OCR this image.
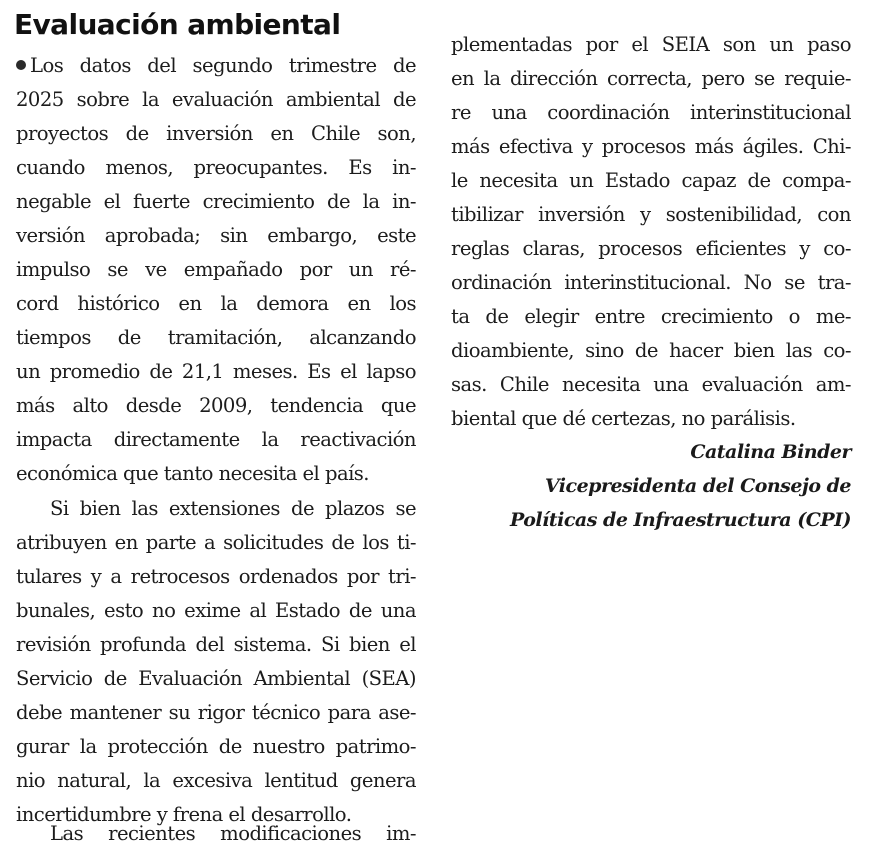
Evaluación ambiental
Los datos del segundo trimestre de
2025 sobre la evaluación ambiental de
proyectos de inversión en Chile son,
cuando menos, preocupantes. Es in-
negable el fuerte crecimiento de la in-
versión aprobada; sin embargo, este
impulso se ve empañado por un ré-
cord histórico en la demora en los
tiempos de tramitación, alcanzando
un promedio de 21,1 meses. Es el lapso
más alto desde 2009, tendencia que
impacta directamente la reactivación
económica que tanto necesita el país.
Si bien las extensiones de plazos se
atribuyen en parte a solicitudes de los ti-
tulares y a retrocesos ordenados por tri-
bunales, esto no exime al Estado de una
revisión profunda del sistema. Si bien el
Servicio de Evaluación Ambiental (SEA)
debe mantener su rigor técnico para ase-
gurar la protección de nuestro patrimo-
nio natural, la excesiva lentitud genera
incertidumbre y frena el desarrollo.
Las recientes modificaciones im-
plementadas por el SEIA son un paso
en la dirección correcta, pero se requie-
re una coordinación interinstitucional
más efectiva y procesos más ágiles. Chi-
le necesita un Estado capaz de compa-
tibilizar inversión y sostenibilidad, con
reglas claras, procesos eficientes y co-
ordinación interinstitucional. No se tra-
ta de elegir entre crecimiento o me-
dioambiente, sino de hacer bien las co-
sas. Chile necesita una evaluación am-
biental que dé certezas, no parálisis.
Catalina Binder
Vicepresidenta del Consejo de
Políticas de Infraestructura (CPI)
